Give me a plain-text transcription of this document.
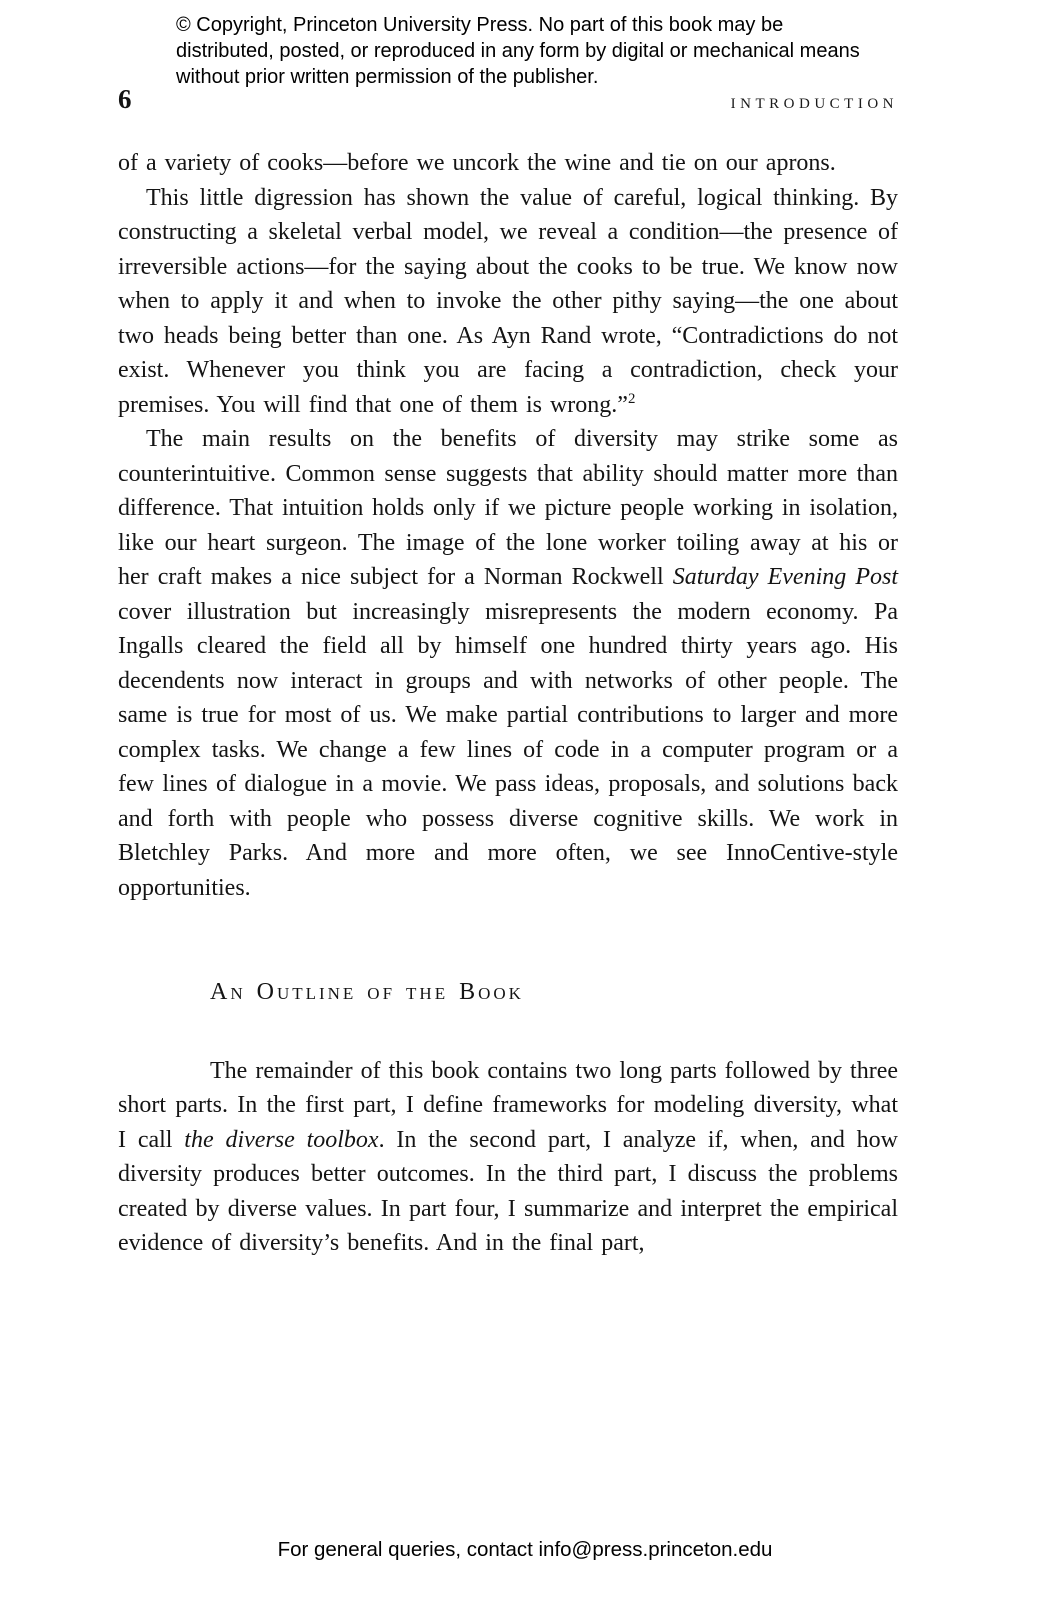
© Copyright, Princeton University Press. No part of this book may be distributed, posted, or reproduced in any form by digital or mechanical means without prior written permission of the publisher.
6	INTRODUCTION

of a variety of cooks—before we uncork the wine and tie on our aprons.

This little digression has shown the value of careful, logical thinking. By constructing a skeletal verbal model, we reveal a condition—the presence of irreversible actions—for the saying about the cooks to be true. We know now when to apply it and when to invoke the other pithy saying—the one about two heads being better than one. As Ayn Rand wrote, “Contradictions do not exist. Whenever you think you are facing a contradiction, check your premises. You will find that one of them is wrong.”$^2$

The main results on the benefits of diversity may strike some as counterintuitive. Common sense suggests that ability should matter more than difference. That intuition holds only if we picture people working in isolation, like our heart surgeon. The image of the lone worker toiling away at his or her craft makes a nice subject for a Norman Rockwell Saturday Evening Post cover illustration but increasingly misrepresents the modern economy. Pa Ingalls cleared the field all by himself one hundred thirty years ago. His decendents now interact in groups and with networks of other people. The same is true for most of us. We make partial contributions to larger and more complex tasks. We change a few lines of code in a computer program or a few lines of dialogue in a movie. We pass ideas, proposals, and solutions back and forth with people who possess diverse cognitive skills. We work in Bletchley Parks. And more and more often, we see InnoCentive-style opportunities.

An Outline of the Book

The remainder of this book contains two long parts followed by three short parts. In the first part, I define frameworks for modeling diversity, what I call the diverse toolbox. In the second part, I analyze if, when, and how diversity produces better outcomes. In the third part, I discuss the problems created by diverse values. In part four, I summarize and interpret the empirical evidence of diversity’s benefits. And in the final part,

For general queries, contact info@press.princeton.edu
